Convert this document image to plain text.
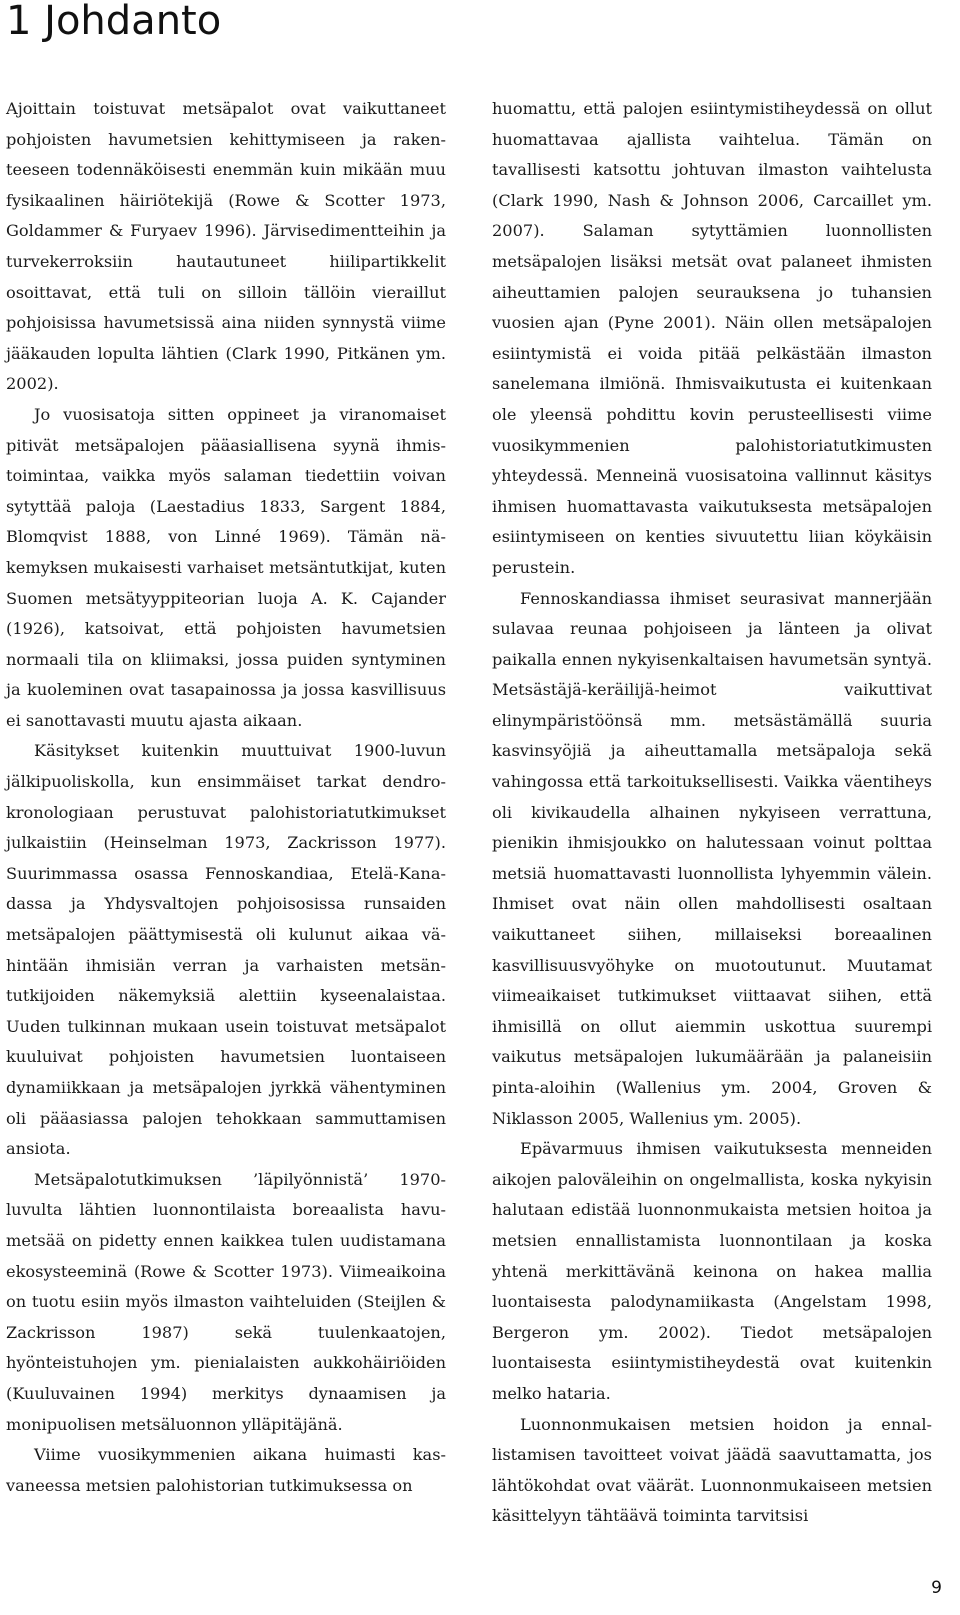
1 Johdanto

Ajoittain toistuvat metsäpalot ovat vaikuttaneet pohjoisten havumetsien kehittymiseen ja rakenteeseen todennäköisesti enemmän kuin mikään muu fysikaalinen häiriötekijä (Rowe & Scotter 1973, Goldammer & Furyaev 1996). Järvisedimentteihin ja turvekerroksiin hautautuneet hiilipartikkelit osoittavat, että tuli on silloin tällöin vieraillut pohjoisissa havumetsissä aina niiden synnystä viime jääkauden lopulta lähtien (Clark 1990, Pitkänen ym. 2002).

Jo vuosisatoja sitten oppineet ja viranomaiset pitivät metsäpalojen pääasiallisena syynä ihmistoimintaa, vaikka myös salaman tiedettiin voivan sytyttää paloja (Laestadius 1833, Sargent 1884, Blomqvist 1888, von Linné 1969). Tämän näkemyksen mukaisesti varhaiset metsäntutkijat, kuten Suomen metsätyyppiteorian luoja A. K. Cajander (1926), katsoivat, että pohjoisten havumetsien normaali tila on kliimaksi, jossa puiden syntyminen ja kuoleminen ovat tasapainossa ja jossa kasvillisuus ei sanottavasti muutu ajasta aikaan.

Käsitykset kuitenkin muuttuivat 1900-luvun jälkipuoliskolla, kun ensimmäiset tarkat dendrokronologiaan perustuvat palohistoriatutkimukset julkaistiin (Heinselman 1973, Zackrisson 1977). Suurimmassa osassa Fennoskandiaa, Etelä-Kanadassa ja Yhdysvaltojen pohjoisosissa runsaiden metsäpalojen päättymisestä oli kulunut aikaa vähintään ihmisiän verran ja varhaisten metsäntutkijoiden näkemyksiä alettiin kyseenalaistaa. Uuden tulkinnan mukaan usein toistuvat metsäpalot kuuluivat pohjoisten havumetsien luontaiseen dynamiikkaan ja metsäpalojen jyrkkä vähentyminen oli pääasiassa palojen tehokkaan sammuttamisen ansiota.

Metsäpalotutkimuksen ’läpilyönnistä’ 1970-luvulta lähtien luonnontilaista boreaalista havumetsää on pidetty ennen kaikkea tulen uudistamana ekosysteeminä (Rowe & Scotter 1973). Viimeaikoina on tuotu esiin myös ilmaston vaihteluiden (Steijlen & Zackrisson 1987) sekä tuulenkaatojen, hyönteistuhojen ym. pienialaisten aukkohäiriöiden (Kuuluvainen 1994) merkitys dynaamisen ja monipuolisen metsäluonnon ylläpitäjänä.

Viime vuosikymmenien aikana huimasti kasvaneessa metsien palohistorian tutkimuksessa on

huomattu, että palojen esiintymistiheydessä on ollut huomattavaa ajallista vaihtelua. Tämän on tavallisesti katsottu johtuvan ilmaston vaihtelusta (Clark 1990, Nash & Johnson 2006, Carcaillet ym. 2007). Salaman sytyttämien luonnollisten metsäpalojen lisäksi metsät ovat palaneet ihmisten aiheuttamien palojen seurauksena jo tuhansien vuosien ajan (Pyne 2001). Näin ollen metsäpalojen esiintymistä ei voida pitää pelkästään ilmaston sanelemana ilmiönä. Ihmisvaikutusta ei kuitenkaan ole yleensä pohdittu kovin perusteellisesti viime vuosikymmenien palohistoriatutkimusten yhteydessä. Menneinä vuosisatoina vallinnut käsitys ihmisen huomattavasta vaikutuksesta metsäpalojen esiintymiseen on kenties sivuutettu liian köykäisin perustein.

Fennoskandiassa ihmiset seurasivat mannerjään sulavaa reunaa pohjoiseen ja länteen ja olivat paikalla ennen nykyisenkaltaisen havumetsän syntyä. Metsästäjä-keräilijä-heimot vaikuttivat elinympäristöönsä mm. metsästämällä suuria kasvinsyöjiä ja aiheuttamalla metsäpaloja sekä vahingossa että tarkoituksellisesti. Vaikka väentiheys oli kivikaudella alhainen nykyiseen verrattuna, pienikin ihmisjoukko on halutessaan voinut polttaa metsiä huomattavasti luonnollista lyhyemmin välein. Ihmiset ovat näin ollen mahdollisesti osaltaan vaikuttaneet siihen, millaiseksi boreaalinen kasvillisuusvyöhyke on muotoutunut. Muutamat viimeaikaiset tutkimukset viittaavat siihen, että ihmisillä on ollut aiemmin uskottua suurempi vaikutus metsäpalojen lukumäärään ja palaneisiin pinta-aloihin (Wallenius ym. 2004, Groven & Niklasson 2005, Wallenius ym. 2005).

Epävarmuus ihmisen vaikutuksesta menneiden aikojen paloväleihin on ongelmallista, koska nykyisin halutaan edistää luonnonmukaista metsien hoitoa ja metsien ennallistamista luonnontilaan ja koska yhtenä merkittävänä keinona on hakea mallia luontaisesta palodynamiikasta (Angelstam 1998, Bergeron ym. 2002). Tiedot metsäpalojen luontaisesta esiintymistiheydestä ovat kuitenkin melko hataria.

Luonnonmukaisen metsien hoidon ja ennallistamisen tavoitteet voivat jäädä saavuttamatta, jos lähtökohdat ovat väärät. Luonnonmukaiseen metsien käsittelyyn tähtäävä toiminta tarvitsisi

9
